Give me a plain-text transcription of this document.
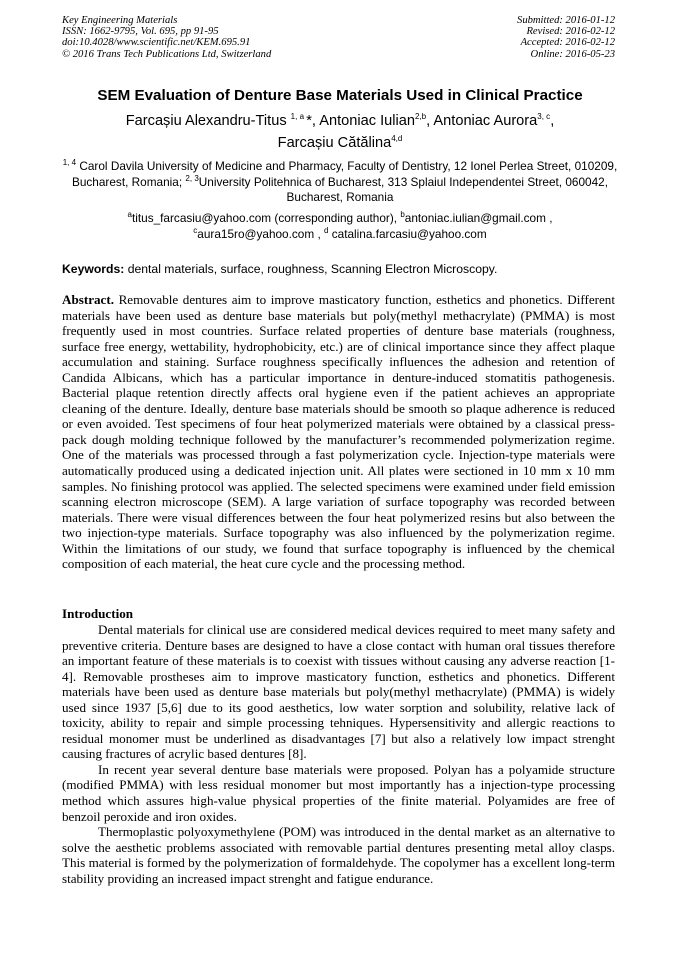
Key Engineering Materials
ISSN: 1662-9795, Vol. 695, pp 91-95
doi:10.4028/www.scientific.net/KEM.695.91
© 2016 Trans Tech Publications Ltd, Switzerland
Submitted: 2016-01-12
Revised: 2016-02-12
Accepted: 2016-02-12
Online: 2016-05-23
SEM Evaluation of Denture Base Materials Used in Clinical Practice
Farcașiu Alexandru-Titus $^{1, a}$ *, Antoniac Iulian$^{2,b}$, Antoniac Aurora$^{3, c}$,
Farcașiu Cătălina$^{4,d}$
$^{1, 4}$ Carol Davila University of Medicine and Pharmacy, Faculty of Dentistry, 12 Ionel Perlea Street, 010209, Bucharest, Romania; $^{2, 3}$University Politehnica of Bucharest, 313 Splaiul Independentei Street, 060042, Bucharest, Romania
$^a$titus_farcasiu@yahoo.com (corresponding author), $^b$antoniac.iulian@gmail.com ,
$^c$aura15ro@yahoo.com , $^d$ catalina.farcasiu@yahoo.com
Keywords: dental materials, surface, roughness, Scanning Electron Microscopy.

Abstract. Removable dentures aim to improve masticatory function, esthetics and phonetics. Different materials have been used as denture base materials but poly(methyl methacrylate) (PMMA) is most frequently used in most countries. Surface related properties of denture base materials (roughness, surface free energy, wettability, hydrophobicity, etc.) are of clinical importance since they affect plaque accumulation and staining. Surface roughness specifically influences the adhesion and retention of Candida Albicans, which has a particular importance in denture-induced stomatitis pathogenesis. Bacterial plaque retention directly affects oral hygiene even if the patient achieves an appropriate cleaning of the denture. Ideally, denture base materials should be smooth so plaque adherence is reduced or even avoided. Test specimens of four heat polymerized materials were obtained by a classical press-pack dough molding technique followed by the manufacturer’s recommended polymerization regime. One of the materials was processed through a fast polymerization cycle. Injection-type materials were automatically produced using a dedicated injection unit. All plates were sectioned in 10 mm x 10 mm samples. No finishing protocol was applied. The selected specimens were examined under field emission scanning electron microscope (SEM). A large variation of surface topography was recorded between materials. There were visual differences between the four heat polymerized resins but also between the two injection-type materials. Surface topography was also influenced by the polymerization regime. Within the limitations of our study, we found that surface topography is influenced by the chemical composition of each material, the heat cure cycle and the processing method.

Introduction

Dental materials for clinical use are considered medical devices required to meet many safety and preventive criteria. Denture bases are designed to have a close contact with human oral tissues therefore an important feature of these materials is to coexist with tissues without causing any adverse reaction [1-4]. Removable prostheses aim to improve masticatory function, esthetics and phonetics. Different materials have been used as denture base materials but poly(methyl methacrylate) (PMMA) is widely used since 1937 [5,6] due to its good aesthetics, low water sorption and solubility, relative lack of toxicity, ability to repair and simple processing tehniques. Hypersensitivity and allergic reactions to residual monomer must be underlined as disadvantages [7] but also a relatively low impact strenght causing fractures of acrylic based dentures [8].

In recent year several denture base materials were proposed. Polyan has a polyamide structure (modified PMMA) with less residual monomer but most importantly has a injection-type processing method which assures high-value physical properties of the finite material. Polyamides are free of benzoil peroxide and iron oxides.

Thermoplastic polyoxymethylene (POM) was introduced in the dental market as an alternative to solve the aesthetic problems associated with removable partial dentures presenting metal alloy clasps. This material is formed by the polymerization of formaldehyde. The copolymer has a excellent long-term stability providing an increased impact strenght and fatigue endurance.
